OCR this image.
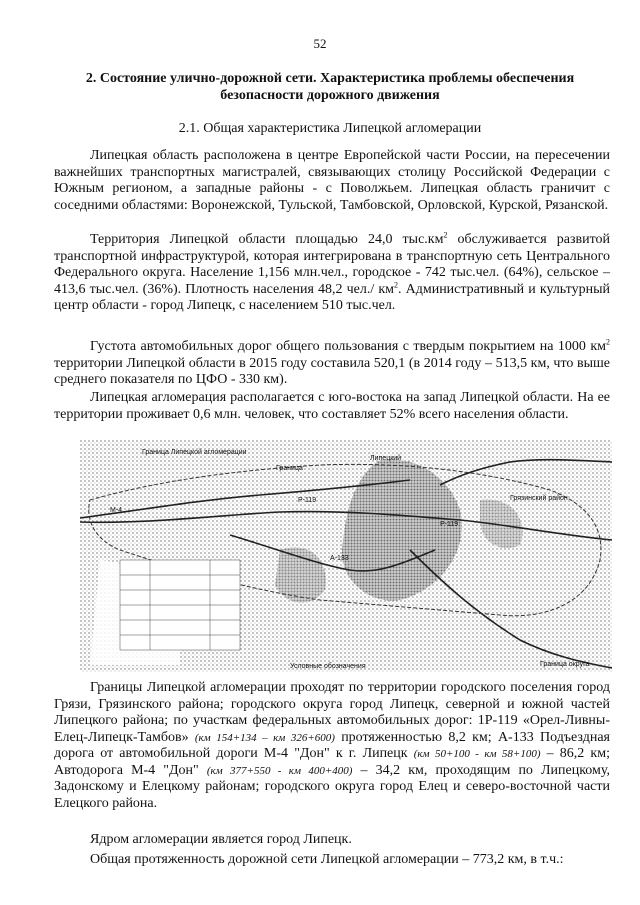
52
2. Состояние улично-дорожной сети. Характеристика проблемы обеспечения
безопасности дорожного движения
2.1. Общая характеристика Липецкой агломерации
Липецкая область расположена в центре Европейской части России, на пересечении важнейших транспортных магистралей, связывающих столицу Российской Федерации с Южным регионом, а западные районы - с Поволжьем. Липецкая область граничит с соседними областями: Воронежской, Тульской, Тамбовской, Орловской, Курской, Рязанской.
Территория Липецкой области площадью 24,0 $тыс.км^2$ обслуживается развитой транспортной инфраструктурой, которая интегрирована в транспортную сеть Центрального Федерального округа. Население 1,156 млн.чел., городское - 742 тыс.чел. (64%), сельское – 413,6 тыс.чел. (36%). Плотность населения 48,2 чел./ $км^2$. Административный и культурный центр области - город Липецк, с населением 510 тыс.чел.
Густота автомобильных дорог общего пользования с твердым покрытием на 1000 $км^2$ территории Липецкой области в 2015 году составила 520,1 (в 2014 году – 513,5 км, что выше среднего показателя по ЦФО - 330 км).
Липецкая агломерация располагается с юго-востока на запад Липецкой области. На ее территории проживает 0,6 млн. человек, что составляет 52% всего населения области.
Граница Липецкой агломерации
Граница
Липецкий
Грязинский район
М-4
Р-119
А-133
Р-119
Условные обозначения	Граница округа
Границы Липецкой агломерации проходят по территории городского поселения город Грязи, Грязинского района; городского округа город Липецк, северной и южной частей Липецкого района; по участкам федеральных автомобильных дорог: 1Р-119 «Орел-Ливны-Елец-Липецк-Тамбов» (км 154+134 – км 326+600) протяженностью 8,2 км; А-133 Подъездная дорога от автомобильной дороги М-4 "Дон" к г. Липецк (км 50+100 - км 58+100) – 86,2 км; Автодорога М-4 "Дон" (км 377+550 - км 400+400) – 34,2 км, проходящим по Липецкому, Задонскому и Елецкому районам; городского округа город Елец и северо-восточной части Елецкого района.
Ядром агломерации является город Липецк.
Общая протяженность дорожной сети Липецкой агломерации – 773,2 км, в т.ч.:
